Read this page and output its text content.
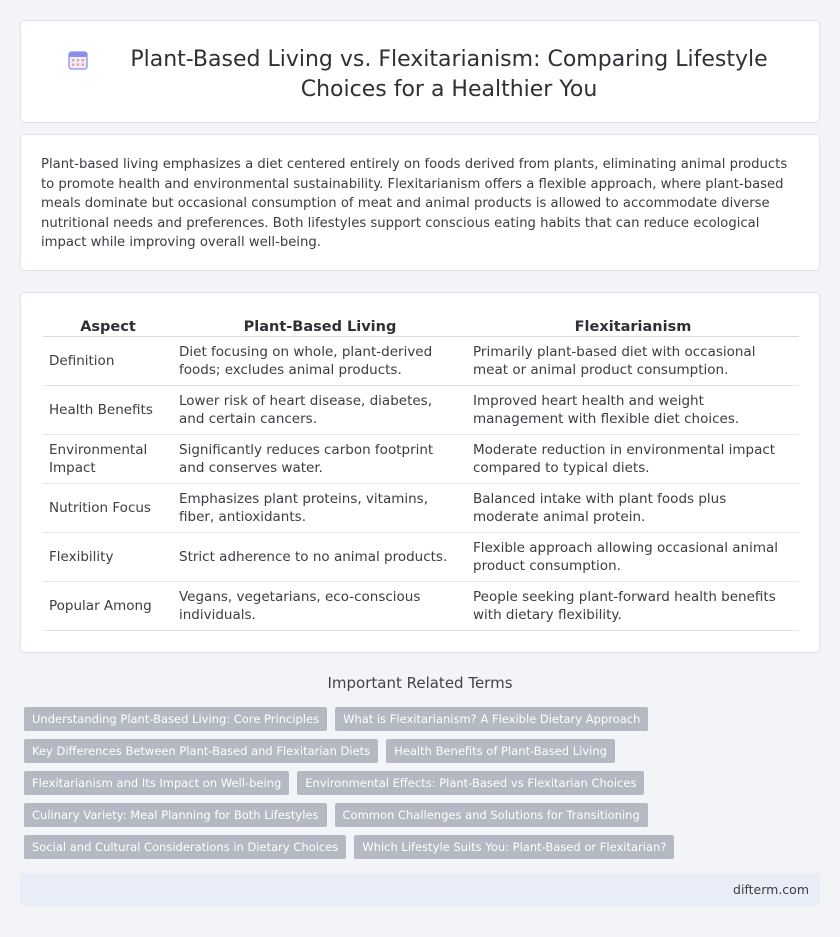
Plant-Based Living vs. Flexitarianism: Comparing Lifestyle Choices for a Healthier You

Plant-based living emphasizes a diet centered entirely on foods derived from plants, eliminating animal products to promote health and environmental sustainability. Flexitarianism offers a flexible approach, where plant-based meals dominate but occasional consumption of meat and animal products is allowed to accommodate diverse nutritional needs and preferences. Both lifestyles support conscious eating habits that can reduce ecological impact while improving overall well-being.

Aspect	Plant-Based Living	Flexitarianism
Definition	Diet focusing on whole, plant-derived foods; excludes animal products.	Primarily plant-based diet with occasional meat or animal product consumption.
Health Benefits	Lower risk of heart disease, diabetes, and certain cancers.	Improved heart health and weight management with flexible diet choices.
Environmental Impact	Significantly reduces carbon footprint and conserves water.	Moderate reduction in environmental impact compared to typical diets.
Nutrition Focus	Emphasizes plant proteins, vitamins, fiber, antioxidants.	Balanced intake with plant foods plus moderate animal protein.
Flexibility	Strict adherence to no animal products.	Flexible approach allowing occasional animal product consumption.
Popular Among	Vegans, vegetarians, eco-conscious individuals.	People seeking plant-forward health benefits with dietary flexibility.
Important Related Terms
Understanding Plant-Based Living: Core Principles	What is Flexitarianism? A Flexible Dietary Approach
Key Differences Between Plant-Based and Flexitarian Diets	Health Benefits of Plant-Based Living
Flexitarianism and Its Impact on Well-being	Environmental Effects: Plant-Based vs Flexitarian Choices
Culinary Variety: Meal Planning for Both Lifestyles	Common Challenges and Solutions for Transitioning
Social and Cultural Considerations in Dietary Choices	Which Lifestyle Suits You: Plant-Based or Flexitarian?
difterm.com
